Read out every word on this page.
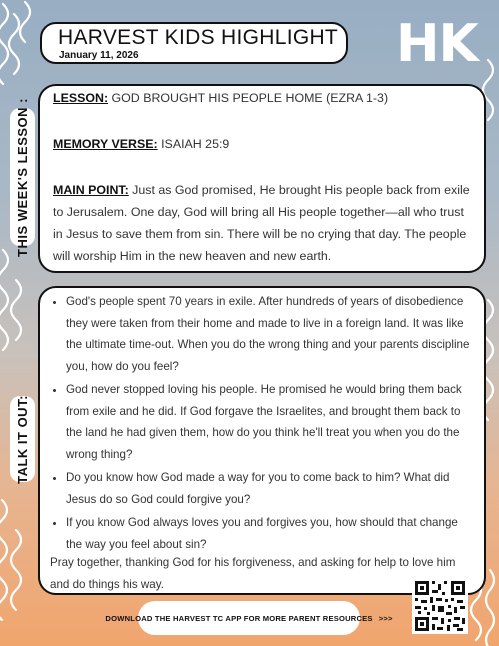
HARVEST KIDS HIGHLIGHT
January 11, 2026	HK
THIS WEEK'S LESSON :
TALK IT OUT:
LESSON: GOD BROUGHT HIS PEOPLE HOME (EZRA 1-3)
MEMORY VERSE: ISAIAH 25:9
MAIN POINT: Just as God promised, He brought His people back from exile to Jerusalem. One day, God will bring all His people together—all who trust in Jesus to save them from sin. There will be no crying that day. The people will worship Him in the new heaven and new earth.
• God's people spent 70 years in exile. After hundreds of years of disobedience they were taken from their home and made to live in a foreign land. It was like the ultimate time-out. When you do the wrong thing and your parents discipline you, how do you feel?
• God never stopped loving his people. He promised he would bring them back from exile and he did. If God forgave the Israelites, and brought them back to the land he had given them, how do you think he'll treat you when you do the wrong thing?
• Do you know how God made a way for you to come back to him? What did Jesus do so God could forgive you?
• If you know God always loves you and forgives you, how should that change the way you feel about sin?
Pray together, thanking God for his forgiveness, and asking for help to love him and do things his way.
DOWNLOAD THE HARVEST TC APP FOR MORE PARENT RESOURCES >>>
